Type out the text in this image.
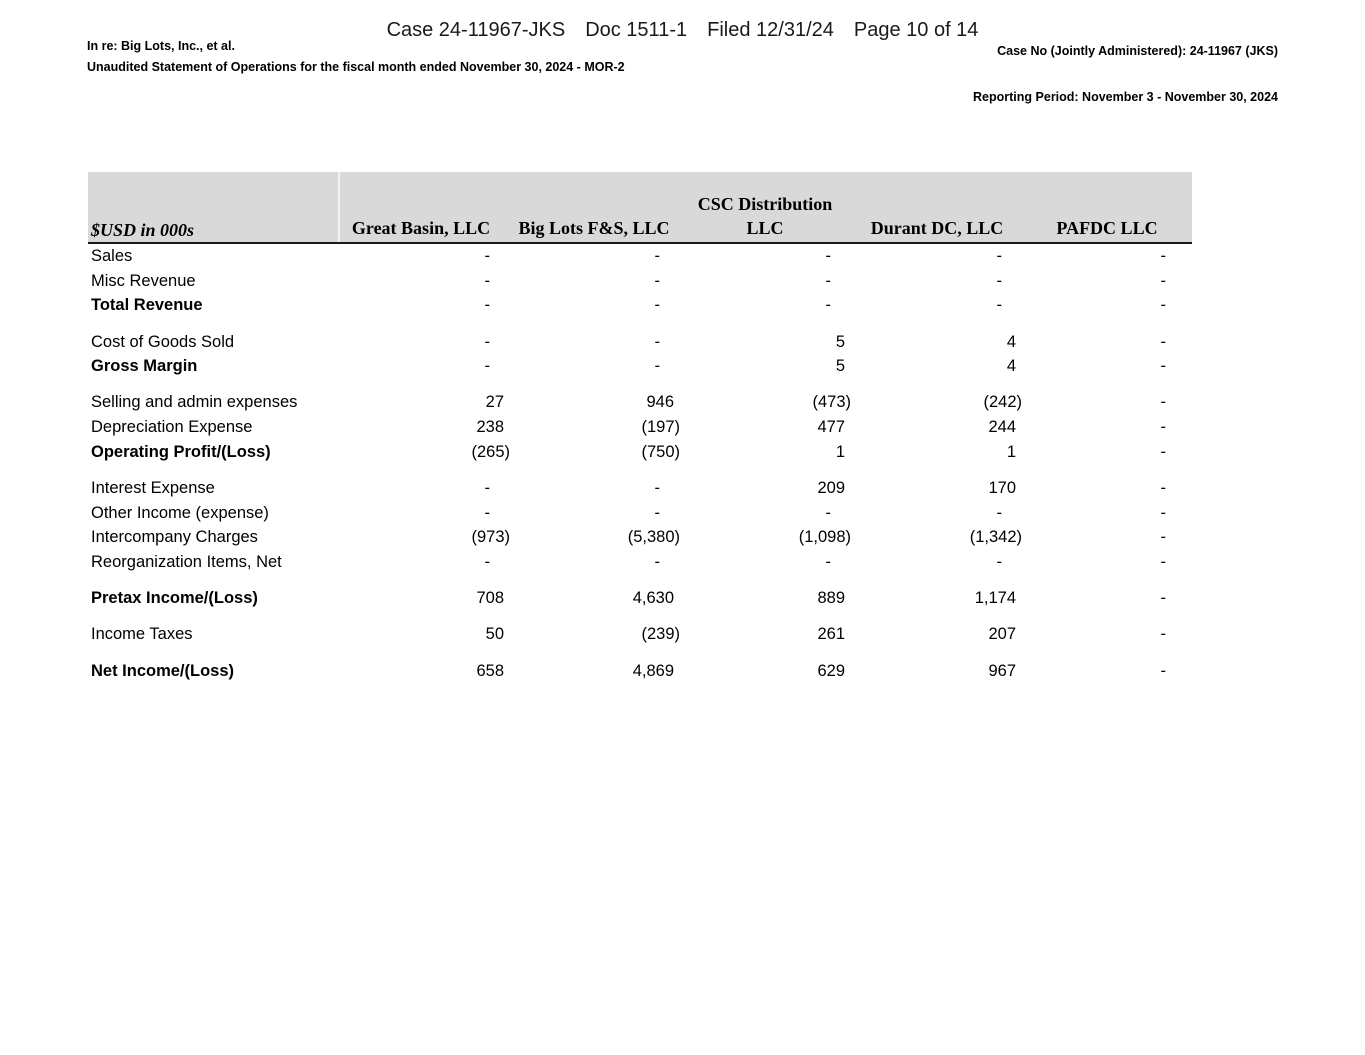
Case 24-11967-JKS Doc 1511-1 Filed 12/31/24 Page 10 of 14
In re: Big Lots, Inc., et al.
Unaudited Statement of Operations for the fiscal month ended November 30, 2024 - MOR-2
Case No (Jointly Administered): 24-11967 (JKS)
Reporting Period: November 3 - November 30, 2024
$USD in 000s	Great Basin, LLC	Big Lots F&S, LLC
CSC Distribution
LLC	Durant DC, LLC	PAFDC LLC
Sales	-	-	-	-	-
Misc Revenue	-	-	-	-	-
Total Revenue	-	-	-	-	-
Cost of Goods Sold	-	-	5	4	-
Gross Margin	-	-	5	4	-
Selling and admin expenses	27	946	(473)	(242)	-
Depreciation Expense	238	(197)	477	244	-
Operating Profit/(Loss)	(265)	(750)	1	1	-
Interest Expense	-	-	209	170	-
Other Income (expense)	-	-	-	-	-
Intercompany Charges	(973)	(5,380)	(1,098)	(1,342)	-
Reorganization Items, Net	-	-	-	-	-
Pretax Income/(Loss)	708	4,630	889	1,174	-
Income Taxes	50	(239)	261	207	-
Net Income/(Loss)	658	4,869	629	967	-
